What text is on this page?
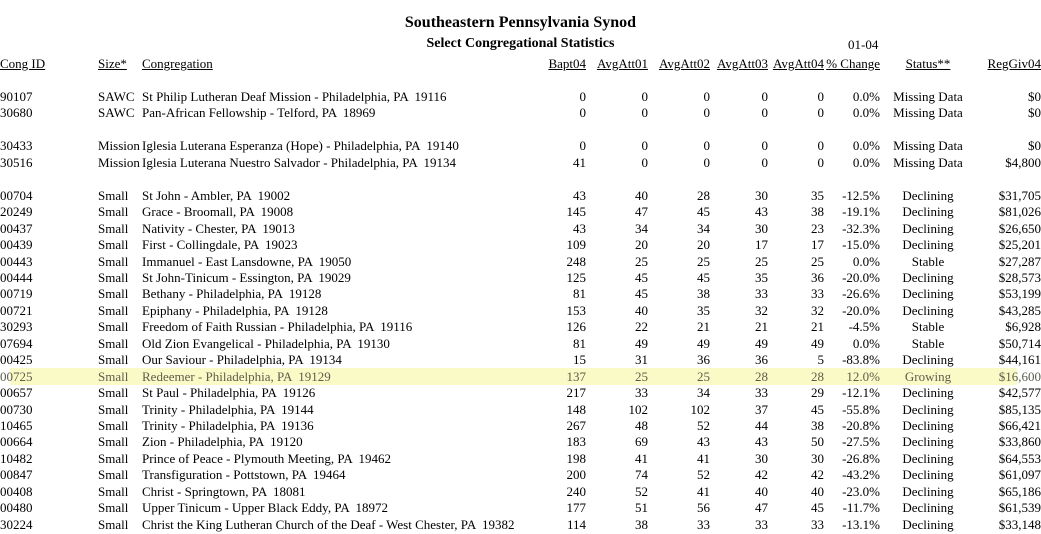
Southeastern Pennsylvania Synod
Select Congregational Statistics	01-04
Cong ID	Size*	Congregation	Bapt04	AvgAtt01	AvgAtt02	AvgAtt03	AvgAtt04	% Change	Status**	RegGiv04
90107	SAWC	St Philip Lutheran Deaf Mission - Philadelphia, PA  19116	0	0	0	0	0	0.0%	Missing Data	$0
30680	SAWC	Pan-African Fellowship - Telford, PA  18969	0	0	0	0	0	0.0%	Missing Data	$0

30433	Mission	Iglesia Luterana Esperanza (Hope) - Philadelphia, PA  19140	0	0	0	0	0	0.0%	Missing Data	$0
30516	Mission	Iglesia Luterana Nuestro Salvador - Philadelphia, PA  19134	41	0	0	0	0	0.0%	Missing Data	$4,800

00704	Small	St John - Ambler, PA  19002	43	40	28	30	35	-12.5%	Declining	$31,705
20249	Small	Grace - Broomall, PA  19008	145	47	45	43	38	-19.1%	Declining	$81,026
00437	Small	Nativity - Chester, PA  19013	43	34	34	30	23	-32.3%	Declining	$26,650
00439	Small	First - Collingdale, PA  19023	109	20	20	17	17	-15.0%	Declining	$25,201
00443	Small	Immanuel - East Lansdowne, PA  19050	248	25	25	25	25	0.0%	Stable	$27,287
00444	Small	St John-Tinicum - Essington, PA  19029	125	45	45	35	36	-20.0%	Declining	$28,573
00719	Small	Bethany - Philadelphia, PA  19128	81	45	38	33	33	-26.6%	Declining	$53,199
00721	Small	Epiphany - Philadelphia, PA  19128	153	40	35	32	32	-20.0%	Declining	$43,285
30293	Small	Freedom of Faith Russian - Philadelphia, PA  19116	126	22	21	21	21	-4.5%	Stable	$6,928
07694	Small	Old Zion Evangelical - Philadelphia, PA  19130	81	49	49	49	49	0.0%	Stable	$50,714
00425	Small	Our Saviour - Philadelphia, PA  19134	15	31	36	36	5	-83.8%	Declining	$44,161
00725	Small	Redeemer - Philadelphia, PA  19129	137	25	25	28	28	12.0%	Growing	$16,600
00657	Small	St Paul - Philadelphia, PA  19126	217	33	34	33	29	-12.1%	Declining	$42,577
00730	Small	Trinity - Philadelphia, PA  19144	148	102	102	37	45	-55.8%	Declining	$85,135
10465	Small	Trinity - Philadelphia, PA  19136	267	48	52	44	38	-20.8%	Declining	$66,421
00664	Small	Zion - Philadelphia, PA  19120	183	69	43	43	50	-27.5%	Declining	$33,860
10482	Small	Prince of Peace - Plymouth Meeting, PA  19462	198	41	41	30	30	-26.8%	Declining	$64,553
00847	Small	Transfiguration - Pottstown, PA  19464	200	74	52	42	42	-43.2%	Declining	$61,097
00408	Small	Christ - Springtown, PA  18081	240	52	41	40	40	-23.0%	Declining	$65,186
00480	Small	Upper Tinicum - Upper Black Eddy, PA  18972	177	51	56	47	45	-11.7%	Declining	$61,539
30224	Small	Christ the King Lutheran Church of the Deaf - West Chester, PA  19382	114	38	33	33	33	-13.1%	Declining	$33,148
